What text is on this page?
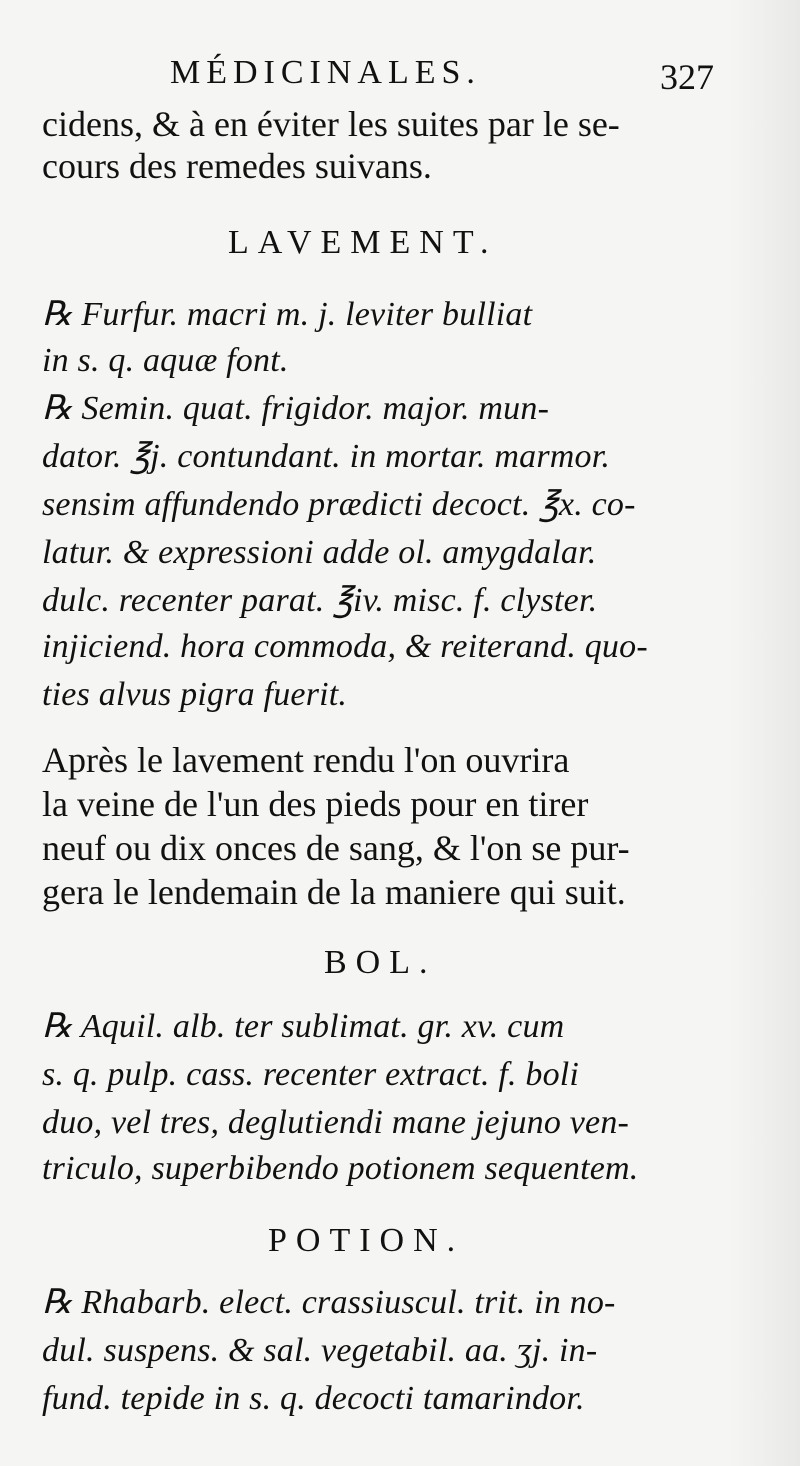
MÉDICINALES.	327
cidens, & à en éviter les suites par le se-
cours des remedes suivans.
LAVEMENT.
℞ Furfur. macri m. j. leviter bulliat
in s. q. aquæ font.
℞ Semin. quat. frigidor. major. mun-
dator. ℥j. contundant. in mortar. marmor.
sensim affundendo prædicti decoct. ℥x. co-
latur. & expressioni adde ol. amygdalar.
dulc. recenter parat. ℥iv. misc. f. clyster.
injiciend. hora commoda, & reiterand. quo-
ties alvus pigra fuerit.
Après le lavement rendu l'on ouvrira
la veine de l'un des pieds pour en tirer
neuf ou dix onces de sang, & l'on se pur-
gera le lendemain de la maniere qui suit.
BOL.
℞ Aquil. alb. ter sublimat. gr. xv. cum
s. q. pulp. cass. recenter extract. f. boli
duo, vel tres, deglutiendi mane jejuno ven-
triculo, superbibendo potionem sequentem.
POTION.
℞ Rhabarb. elect. crassiuscul. trit. in no-
dul. suspens. & sal. vegetabil. aa. ʒj. in-
fund. tepide in s. q. decocti tamarindor.
